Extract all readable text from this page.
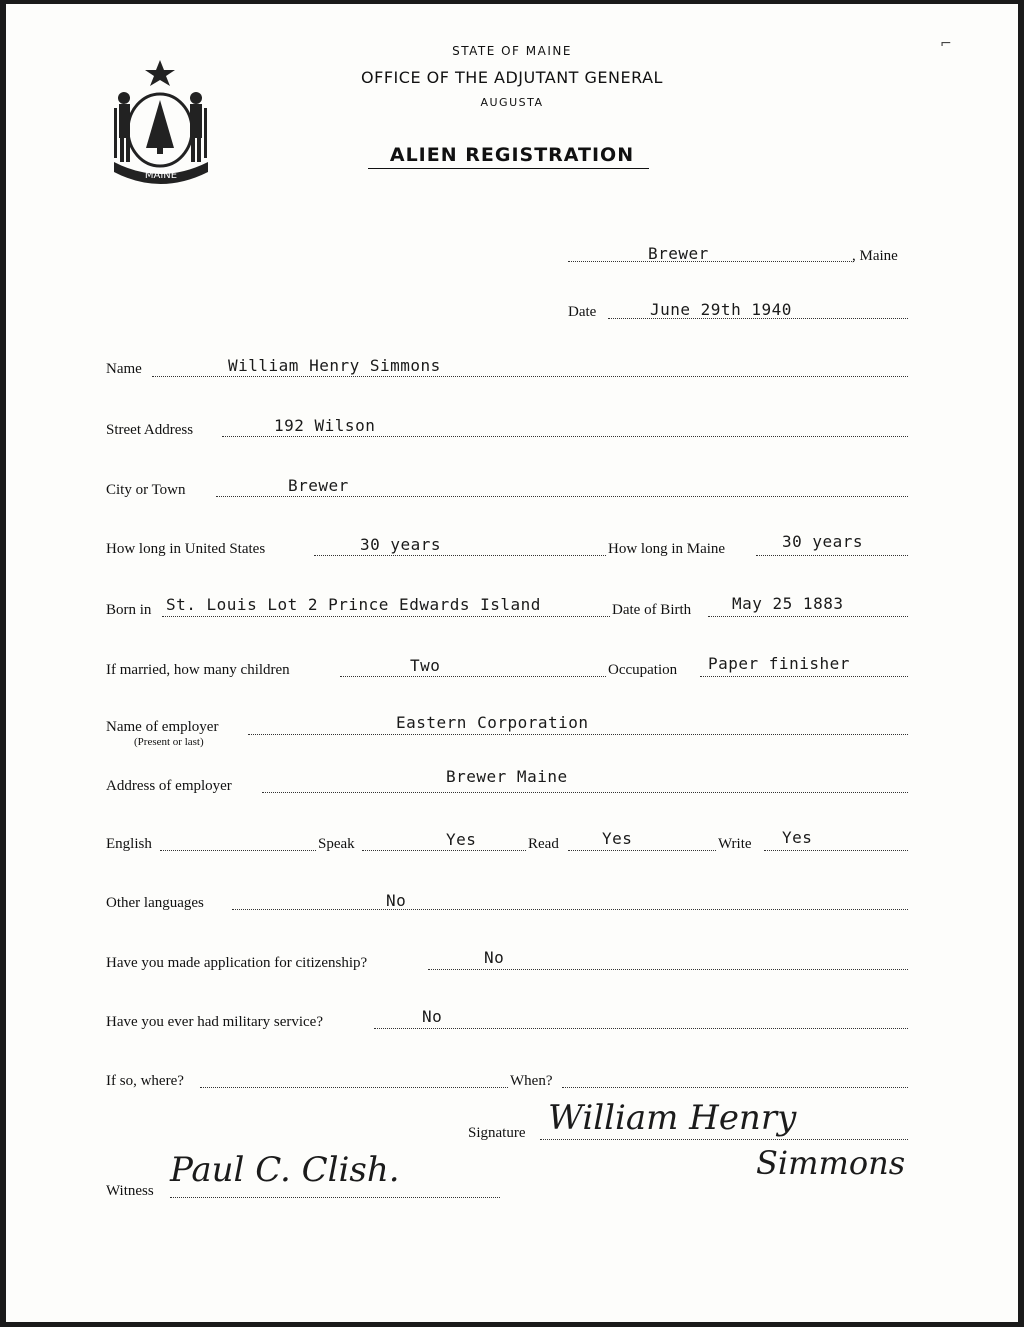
⌐
MAINE
STATE OF MAINE
OFFICE OF THE ADJUTANT GENERAL
AUGUSTA
ALIEN REGISTRATION
Brewer	, Maine
Date	June 29th 1940
Name	William Henry Simmons
Street Address	192 Wilson
City or Town	Brewer
How long in United States	30 years	How long in Maine	30 years
Born in St. Louis Lot 2 Prince Edwards Island	Date of Birth	May 25 1883
If married, how many children	Two	Occupation Paper finisher
Name of employer
(Present or last)
Eastern Corporation
Address of employer	Brewer Maine
English	Speak	Yes	Read	Yes	Write Yes
Other languages	No
Have you made application for citizenship?	No
Have you ever had military service?	No
If so, where?	When?
Signature William Henry
Simmons
Witness
Paul C. Clish.
